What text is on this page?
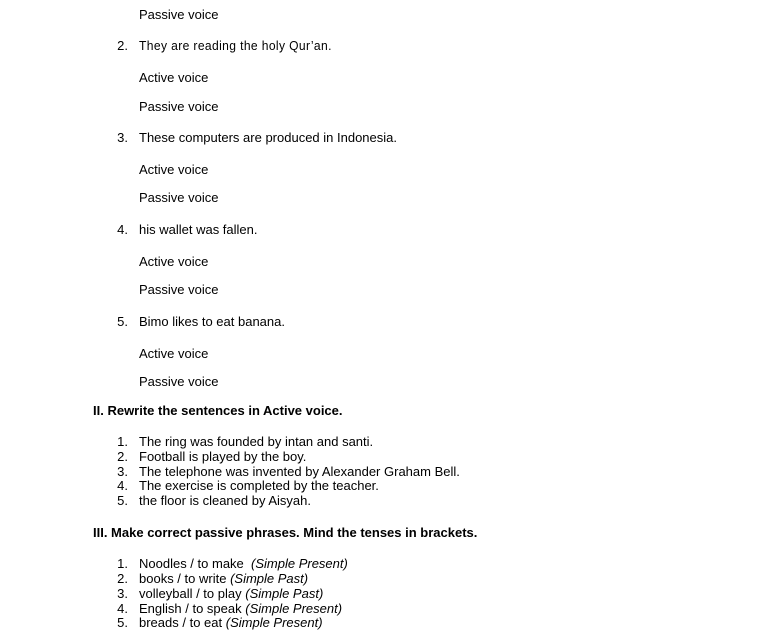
Passive voice
2. They are reading the holy Qur’an.
Active voice
Passive voice
3. These computers are produced in Indonesia.
Active voice
Passive voice
4. his wallet was fallen.
Active voice
Passive voice
5. Bimo likes to eat banana.
Active voice
Passive voice
II. Rewrite the sentences in Active voice.
1. The ring was founded by intan and santi.
2. Football is played by the boy.
3. The telephone was invented by Alexander Graham Bell.
4. The exercise is completed by the teacher.
5. the floor is cleaned by Aisyah.
III. Make correct passive phrases. Mind the tenses in brackets.
1. Noodles / to make  (Simple Present)
2. books / to write (Simple Past)
3. volleyball / to play (Simple Past)
4. English / to speak (Simple Present)
5. breads / to eat (Simple Present)
